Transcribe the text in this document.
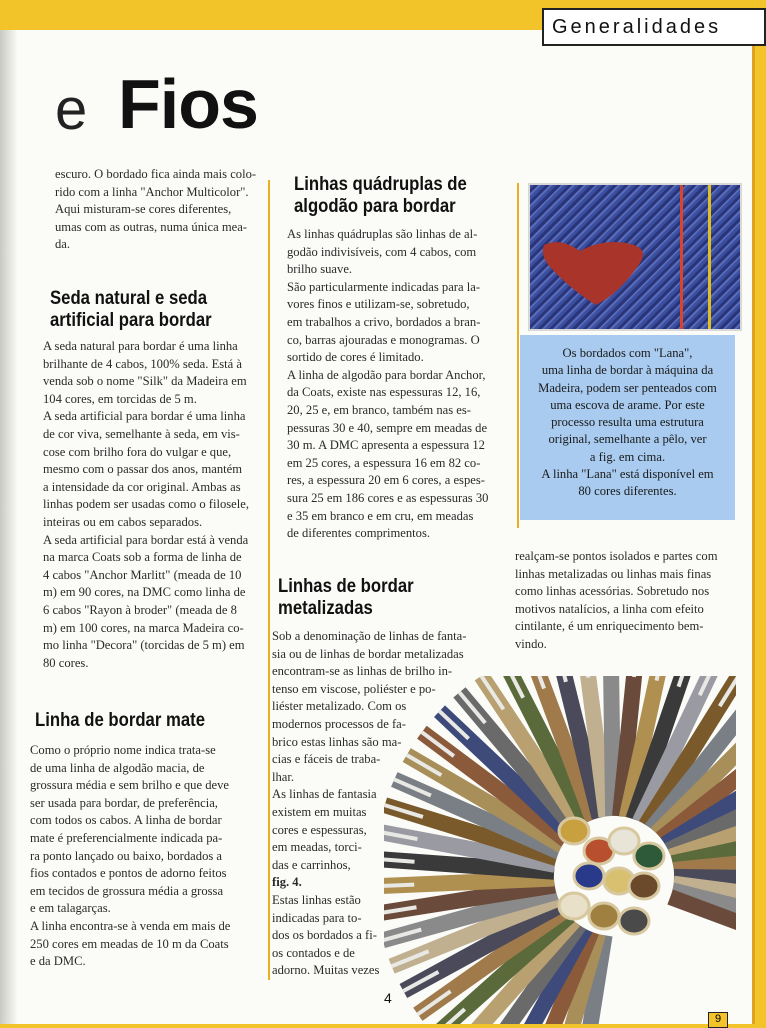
Generalidades
e Fios

escuro. O bordado fica ainda mais colo-

rido com a linha "Anchor Multicolor".

Aqui misturam-se cores diferentes,

umas com as outras, numa única mea-

da.

Seda natural e seda

artificial para bordar

A seda natural para bordar é uma linha

brilhante de 4 cabos, 100% seda. Está à

venda sob o nome "Silk" da Madeira em

104 cores, em torcidas de 5 m.

A seda artificial para bordar é uma linha

de cor viva, semelhante à seda, em vis-

cose com brilho fora do vulgar e que,

mesmo com o passar dos anos, mantém

a intensidade da cor original. Ambas as

linhas podem ser usadas como o filosele,

inteiras ou em cabos separados.

A seda artificial para bordar está à venda

na marca Coats sob a forma de linha de

4 cabos "Anchor Marlitt" (meada de 10

m) em 90 cores, na DMC como linha de

6 cabos "Rayon à broder" (meada de 8

m) em 100 cores, na marca Madeira co-

mo linha "Decora" (torcidas de 5 m) em

80 cores.

Linha de bordar mate

Como o próprio nome indica trata-se

de uma linha de algodão macia, de

grossura média e sem brilho e que deve

ser usada para bordar, de preferência,

com todos os cabos. A linha de bordar

mate é preferencialmente indicada pa-

ra ponto lançado ou baixo, bordados a

fios contados e pontos de adorno feitos

em tecidos de grossura média a grossa

e em talagarças.

A linha encontra-se à venda em mais de

250 cores em meadas de 10 m da Coats

e da DMC.

Linhas quádruplas de

algodão para bordar

As linhas quádruplas são linhas de al-

godão indivisíveis, com 4 cabos, com

brilho suave.

São particularmente indicadas para la-

vores finos e utilizam-se, sobretudo,

em trabalhos a crivo, bordados a bran-

co, barras ajouradas e monogramas. O

sortido de cores é limitado.

A linha de algodão para bordar Anchor,

da Coats, existe nas espessuras 12, 16,

20, 25 e, em branco, também nas es-

pessuras 30 e 40, sempre em meadas de

30 m. A DMC apresenta a espessura 12

em 25 cores, a espessura 16 em 82 co-

res, a espessura 20 em 6 cores, a espes-

sura 25 em 186 cores e as espessuras 30

e 35 em branco e em cru, em meadas

de diferentes comprimentos.

Linhas de bordar

metalizadas

Sob a denominação de linhas de fanta-

sia ou de linhas de bordar metalizadas

encontram-se as linhas de brilho in-

tenso em viscose, poliéster e po-

liéster metalizado. Com os

modernos processos de fa-

brico estas linhas são ma-

cias e fáceis de traba-

lhar.

As linhas de fantasia

existem em muitas

cores e espessuras,

em meadas, torci-

das e carrinhos,

fig. 4.

Estas linhas estão

indicadas para to-

dos os bordados a fi-

os contados e de

adorno. Muitas vezes

Os bordados com "Lana",

uma linha de bordar à máquina da

Madeira, podem ser penteados com

uma escova de arame. Por este

processo resulta uma estrutura

original, semelhante a pêlo, ver

a fig. em cima.

A linha "Lana" está disponível em

80 cores diferentes.

realçam-se pontos isolados e partes com

linhas metalizadas ou linhas mais finas

como linhas acessórias. Sobretudo nos

motivos natalícios, a linha com efeito

cintilante, é um enriquecimento bem-

vindo.

4
9
